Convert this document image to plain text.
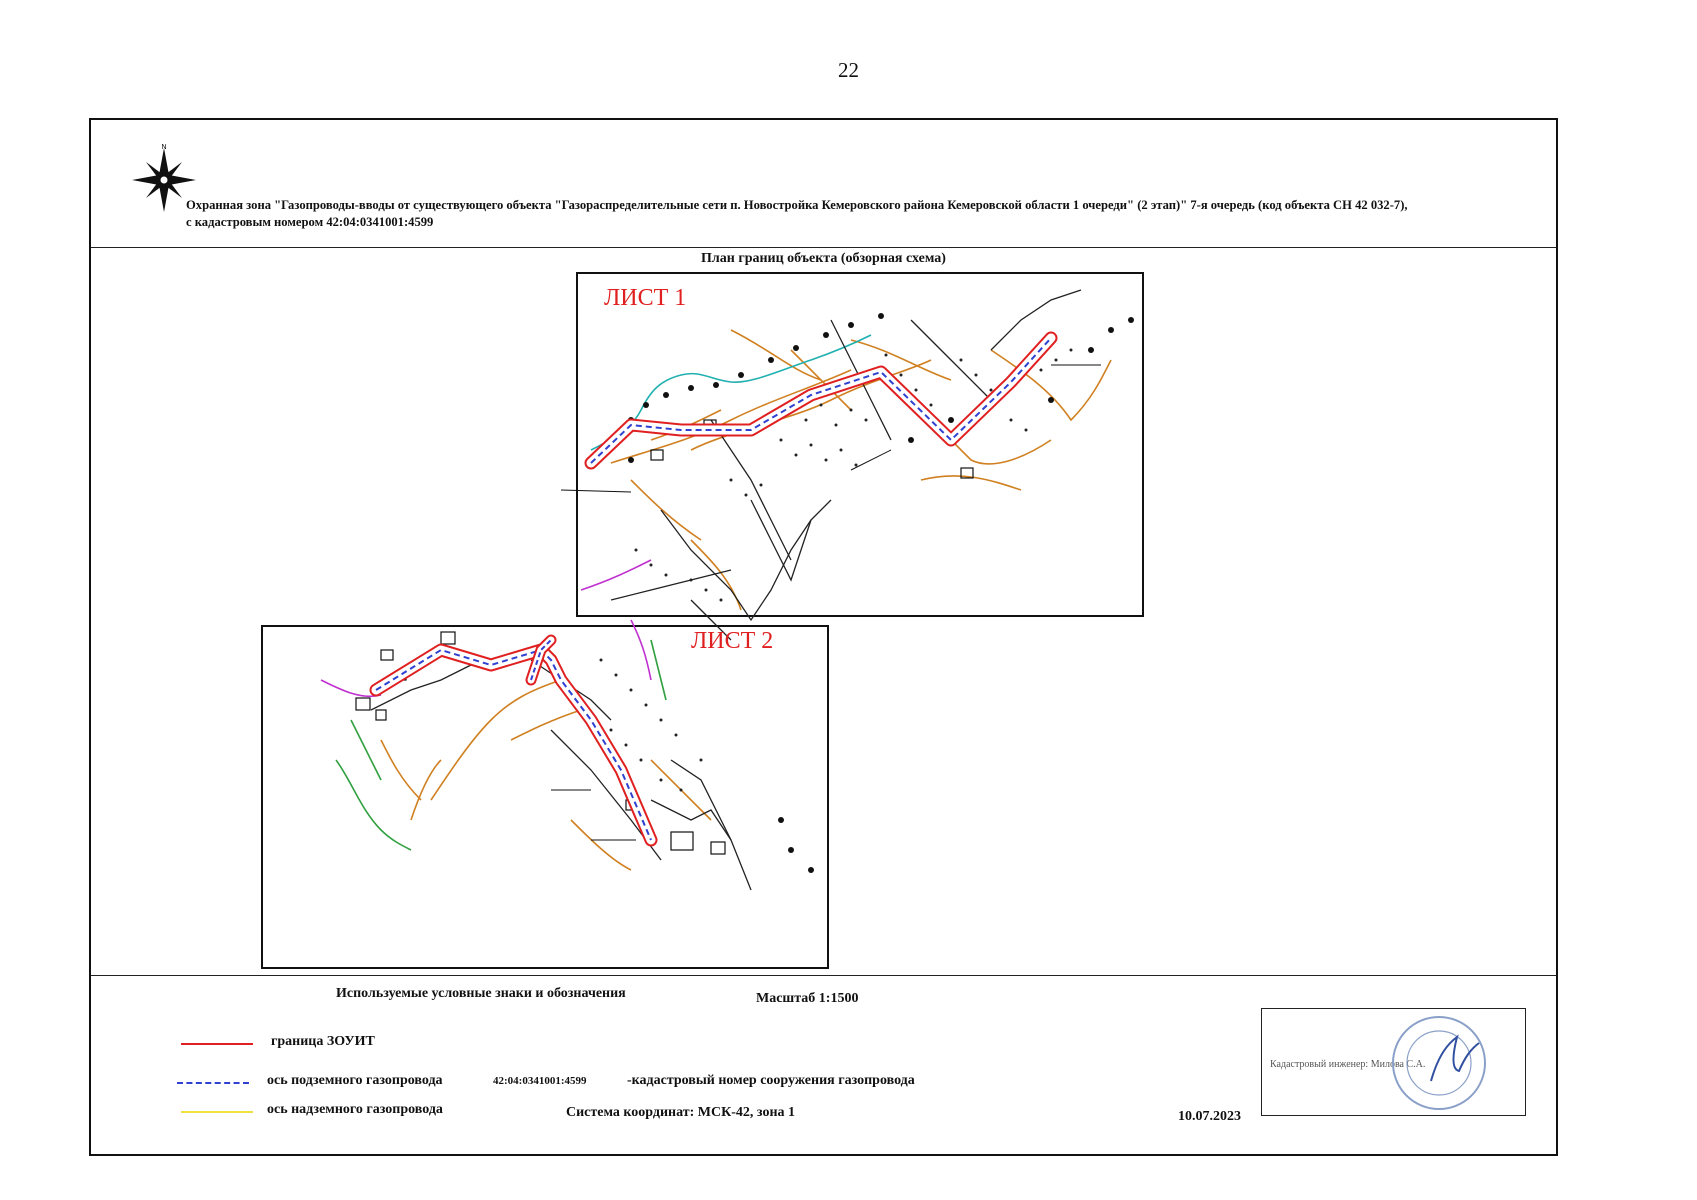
22
N
Охранная зона "Газопроводы-вводы от существующего объекта "Газораспределительные сети п. Новостройка Кемеровского района Кемеровской области 1 очереди" (2 этап)" 7-я очередь (код объекта СН 42 032-7),
с кадастровым номером 42:04:0341001:4599
План границ объекта (обзорная схема)
ЛИСТ 1
ЛИСТ 2
Используемые условные знаки и обозначения	Масштаб 1:1500
граница ЗОУИТ
ось подземного газопровода
ось надземного газопровода
42:04:0341001:4599	-кадастровый номер сооружения газопровода
Система координат: МСК-42, зона 1	10.07.2023
Кадастровый инженер: Милова С.А.
